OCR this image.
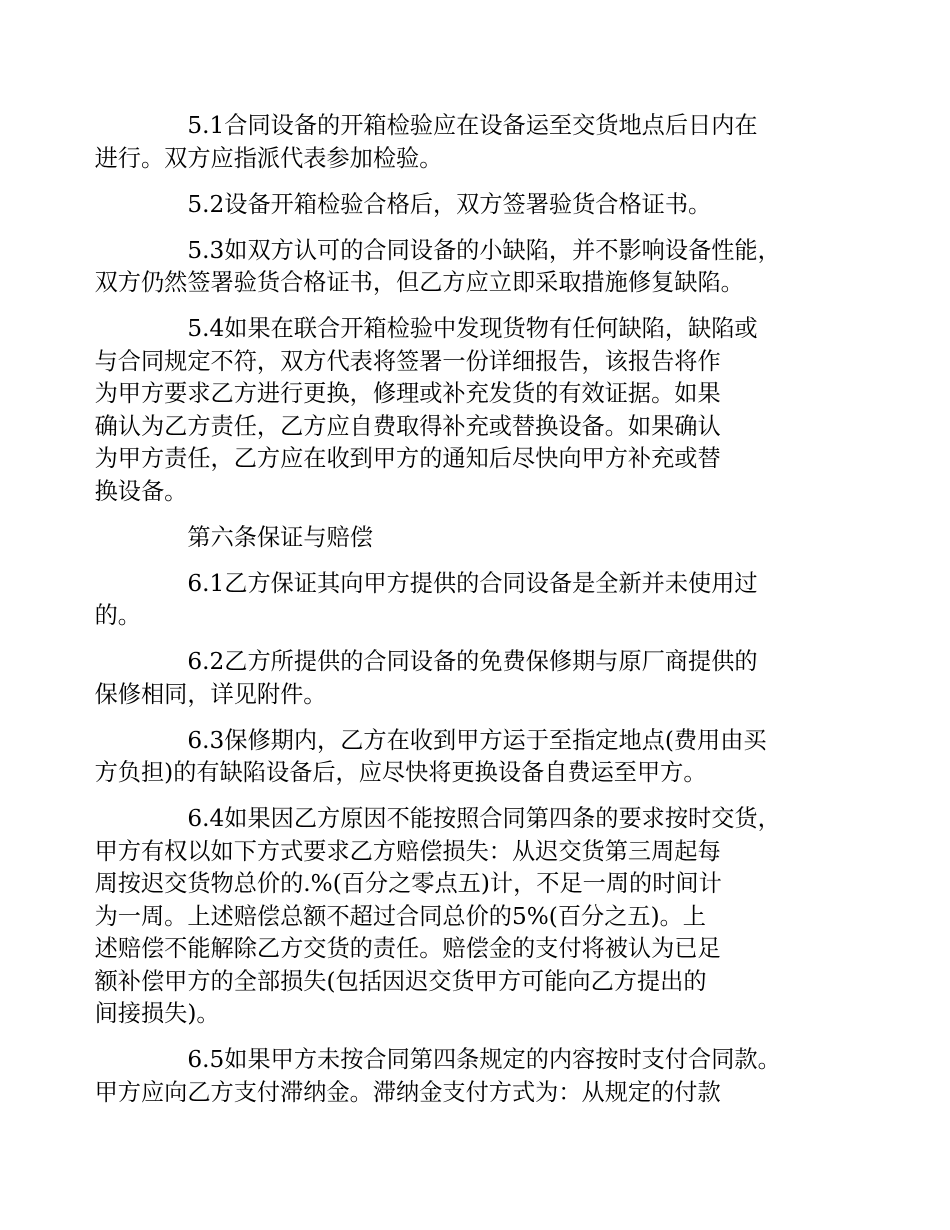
5.1合同设备的开箱检验应在设备运至交货地点后日内在
进行。双方应指派代表参加检验。
5.2设备开箱检验合格后，双方签署验货合格证书。
5.3如双方认可的合同设备的小缺陷，并不影响设备性能，
双方仍然签署验货合格证书，但乙方应立即采取措施修复缺陷。
5.4如果在联合开箱检验中发现货物有任何缺陷，缺陷或
与合同规定不符，双方代表将签署一份详细报告，该报告将作
为甲方要求乙方进行更换，修理或补充发货的有效证据。如果
确认为乙方责任，乙方应自费取得补充或替换设备。如果确认
为甲方责任，乙方应在收到甲方的通知后尽快向甲方补充或替
换设备。
第六条保证与赔偿
6.1乙方保证其向甲方提供的合同设备是全新并未使用过
的。
6.2乙方所提供的合同设备的免费保修期与原厂商提供的
保修相同，详见附件。
6.3保修期内，乙方在收到甲方运于至指定地点(费用由买
方负担)的有缺陷设备后，应尽快将更换设备自费运至甲方。
6.4如果因乙方原因不能按照合同第四条的要求按时交货，
甲方有权以如下方式要求乙方赔偿损失：从迟交货第三周起每
周按迟交货物总价的.%(百分之零点五)计，不足一周的时间计
为一周。上述赔偿总额不超过合同总价的5%(百分之五)。上
述赔偿不能解除乙方交货的责任。赔偿金的支付将被认为已足
额补偿甲方的全部损失(包括因迟交货甲方可能向乙方提出的
间接损失)。
6.5如果甲方未按合同第四条规定的内容按时支付合同款。
甲方应向乙方支付滞纳金。滞纳金支付方式为：从规定的付款
